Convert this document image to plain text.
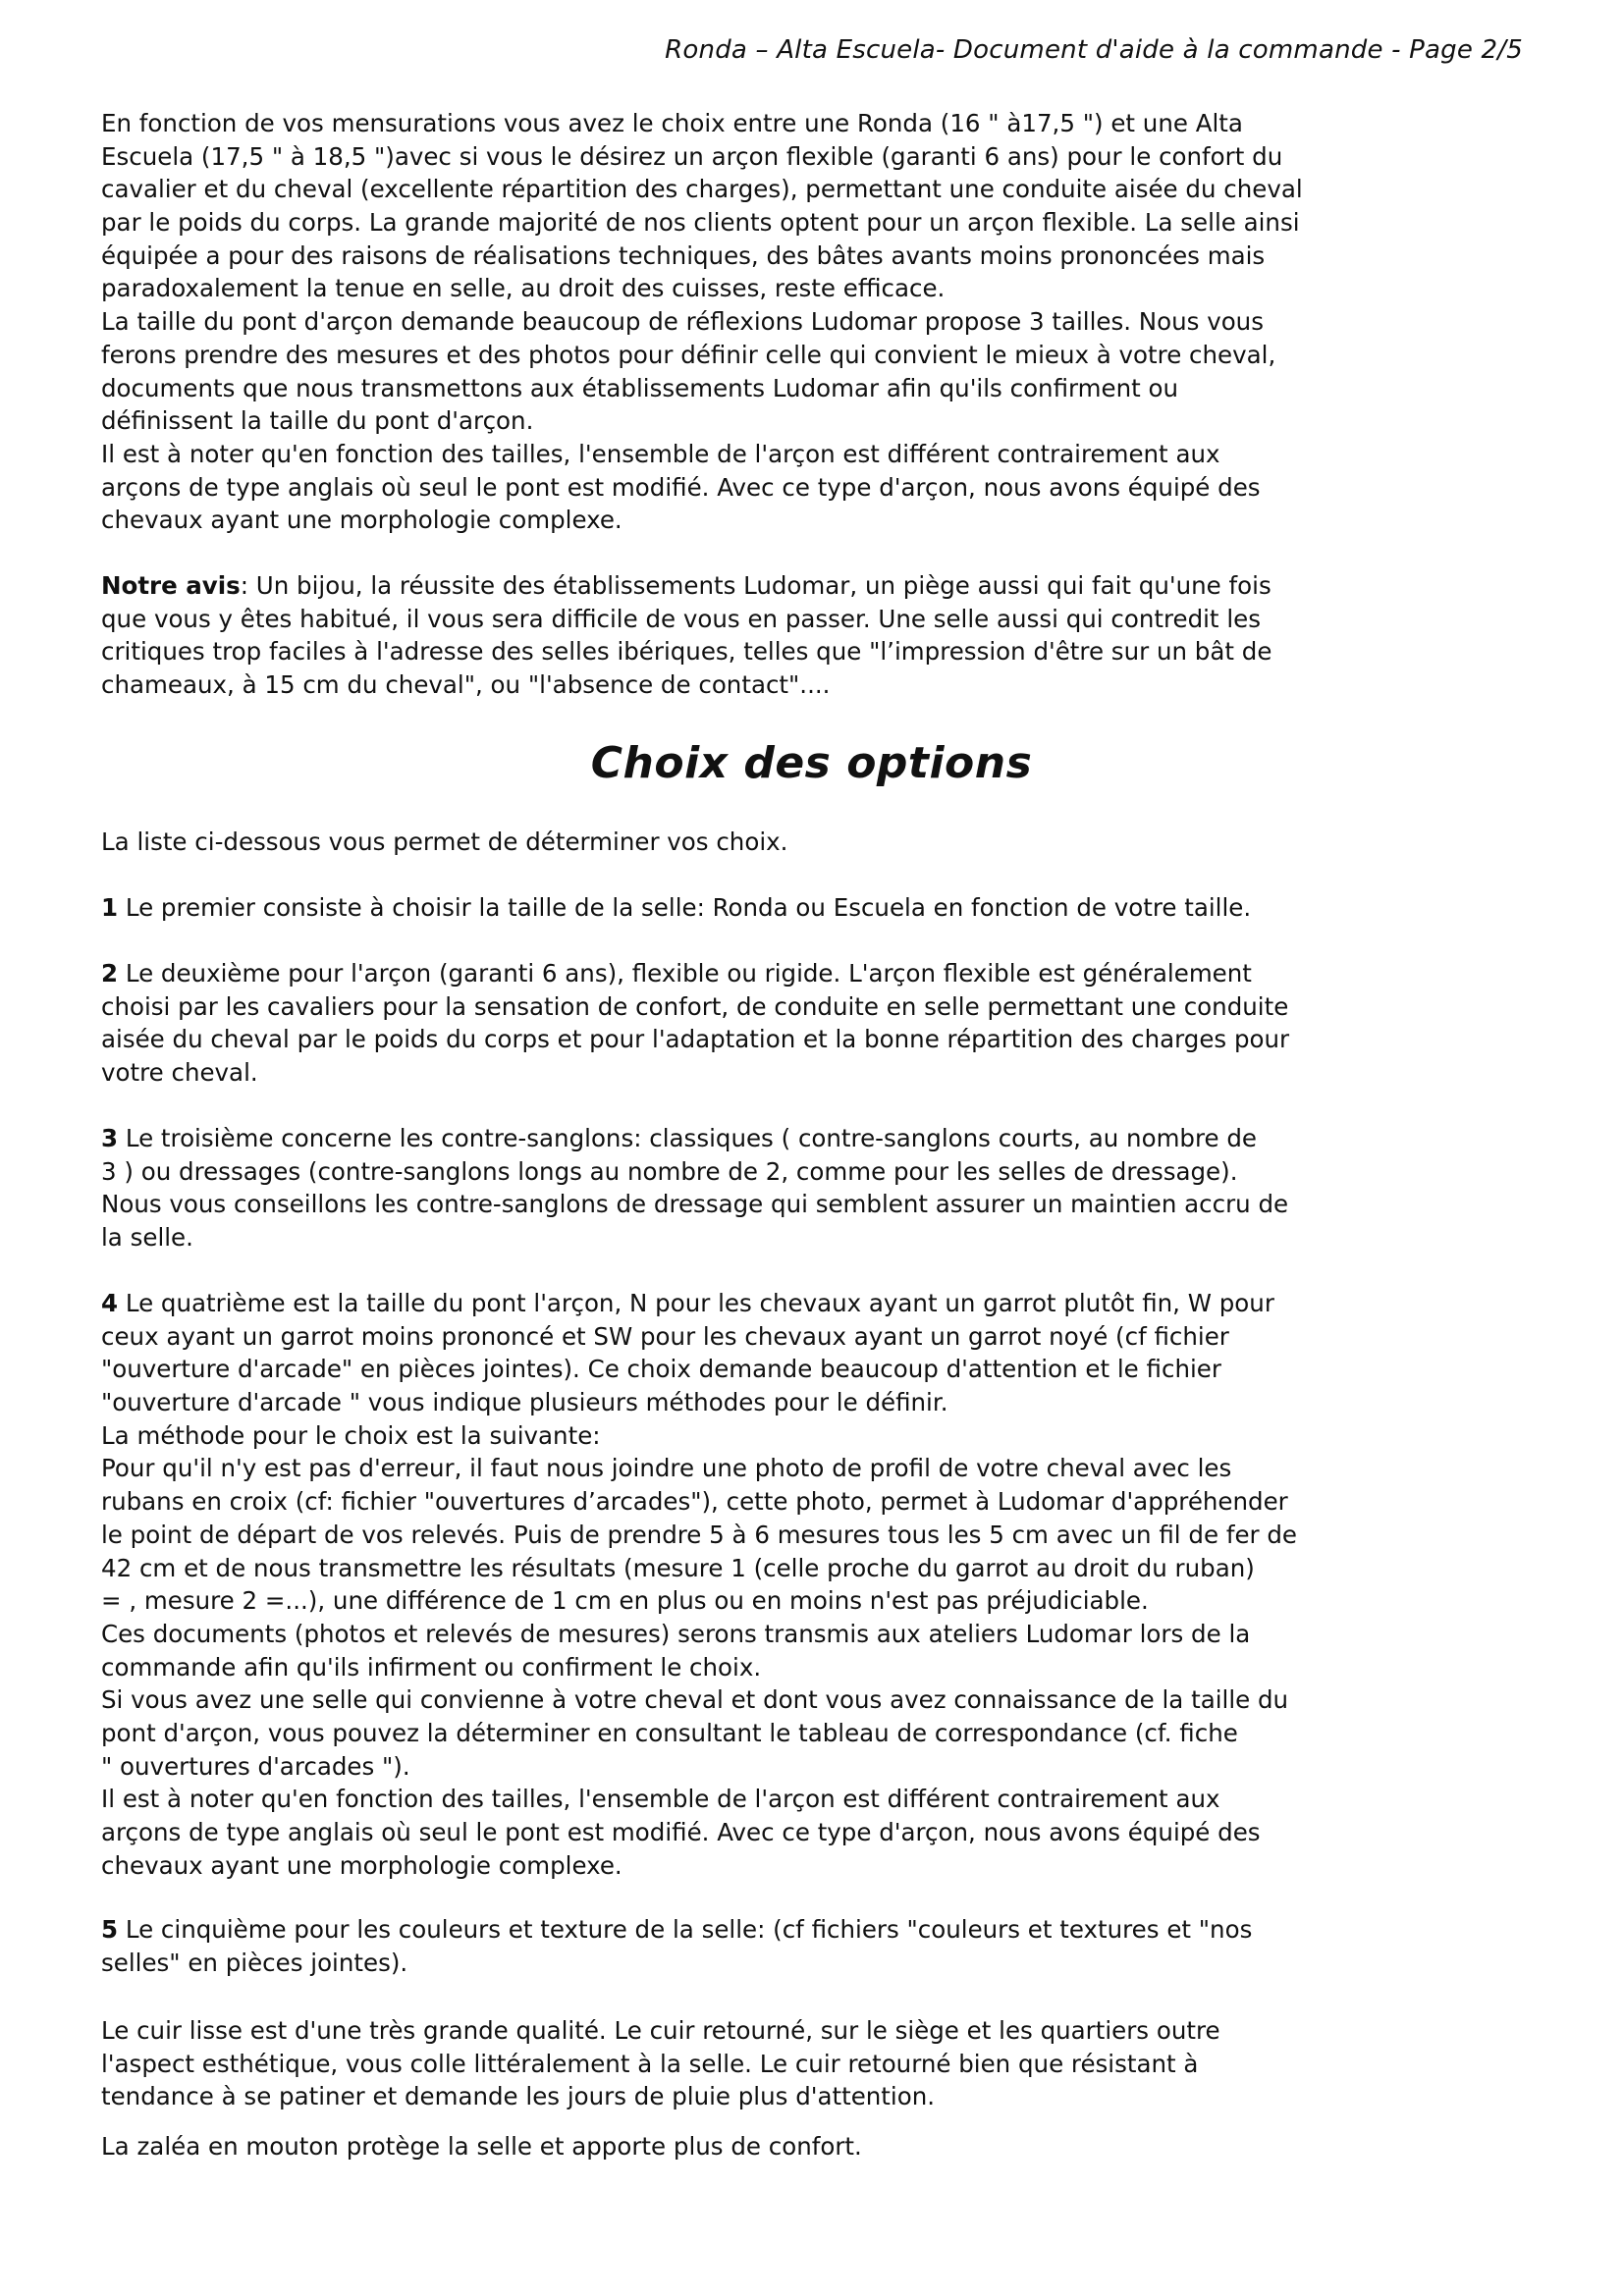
Ronda – Alta Escuela- Document d'aide à la commande - Page 2/5
En fonction de vos mensurations vous avez le choix entre une Ronda (16 " à17,5 ") et une Alta
Escuela (17,5 " à 18,5 ")avec si vous le désirez un arçon flexible (garanti 6 ans) pour le confort du
cavalier et du cheval (excellente répartition des charges), permettant une conduite aisée du cheval
par le poids du corps. La grande majorité de nos clients optent pour un arçon flexible. La selle ainsi
équipée a pour des raisons de réalisations techniques, des bâtes avants moins prononcées mais
paradoxalement la tenue en selle, au droit des cuisses, reste efficace.
La taille du pont d'arçon demande beaucoup de réflexions Ludomar propose 3 tailles. Nous vous
ferons prendre des mesures et des photos pour définir celle qui convient le mieux à votre cheval,
documents que nous transmettons aux établissements Ludomar afin qu'ils confirment ou
définissent la taille du pont d'arçon.
Il est à noter qu'en fonction des tailles, l'ensemble de l'arçon est différent contrairement aux
arçons de type anglais où seul le pont est modifié. Avec ce type d'arçon, nous avons équipé des
chevaux ayant une morphologie complexe.
Notre avis: Un bijou, la réussite des établissements Ludomar, un piège aussi qui fait qu'une fois
que vous y êtes habitué, il vous sera difficile de vous en passer. Une selle aussi qui contredit les
critiques trop faciles à l'adresse des selles ibériques, telles que "l’impression d'être sur un bât de
chameaux, à 15 cm du cheval", ou "l'absence de contact"....
Choix des options
La liste ci-dessous vous permet de déterminer vos choix.
1 Le premier consiste à choisir la taille de la selle: Ronda ou Escuela en fonction de votre taille.
2 Le deuxième pour l'arçon (garanti 6 ans), flexible ou rigide. L'arçon flexible est généralement
choisi par les cavaliers pour la sensation de confort, de conduite en selle permettant une conduite
aisée du cheval par le poids du corps et pour l'adaptation et la bonne répartition des charges pour
votre cheval.
3 Le troisième concerne les contre-sanglons: classiques ( contre-sanglons courts, au nombre de
3 ) ou dressages (contre-sanglons longs au nombre de 2, comme pour les selles de dressage).
Nous vous conseillons les contre-sanglons de dressage qui semblent assurer un maintien accru de
la selle.
4 Le quatrième est la taille du pont l'arçon, N pour les chevaux ayant un garrot plutôt fin, W pour
ceux ayant un garrot moins prononcé et SW pour les chevaux ayant un garrot noyé (cf fichier
"ouverture d'arcade" en pièces jointes). Ce choix demande beaucoup d'attention et le fichier
"ouverture d'arcade " vous indique plusieurs méthodes pour le définir.
La méthode pour le choix est la suivante:
Pour qu'il n'y est pas d'erreur, il faut nous joindre une photo de profil de votre cheval avec les
rubans en croix (cf: fichier "ouvertures d’arcades"), cette photo, permet à Ludomar d'appréhender
le point de départ de vos relevés. Puis de prendre 5 à 6 mesures tous les 5 cm avec un fil de fer de
42 cm et de nous transmettre les résultats (mesure 1 (celle proche du garrot au droit du ruban)
= , mesure 2 =...), une différence de 1 cm en plus ou en moins n'est pas préjudiciable.
Ces documents (photos et relevés de mesures) serons transmis aux ateliers Ludomar lors de la
commande afin qu'ils infirment ou confirment le choix.
Si vous avez une selle qui convienne à votre cheval et dont vous avez connaissance de la taille du
pont d'arçon, vous pouvez la déterminer en consultant le tableau de correspondance (cf. fiche
" ouvertures d'arcades ").
Il est à noter qu'en fonction des tailles, l'ensemble de l'arçon est différent contrairement aux
arçons de type anglais où seul le pont est modifié. Avec ce type d'arçon, nous avons équipé des
chevaux ayant une morphologie complexe.
5 Le cinquième pour les couleurs et texture de la selle: (cf fichiers "couleurs et textures et "nos
selles" en pièces jointes).
Le cuir lisse est d'une très grande qualité. Le cuir retourné, sur le siège et les quartiers outre
l'aspect esthétique, vous colle littéralement à la selle. Le cuir retourné bien que résistant à
tendance à se patiner et demande les jours de pluie plus d'attention.
La zaléa en mouton protège la selle et apporte plus de confort.
